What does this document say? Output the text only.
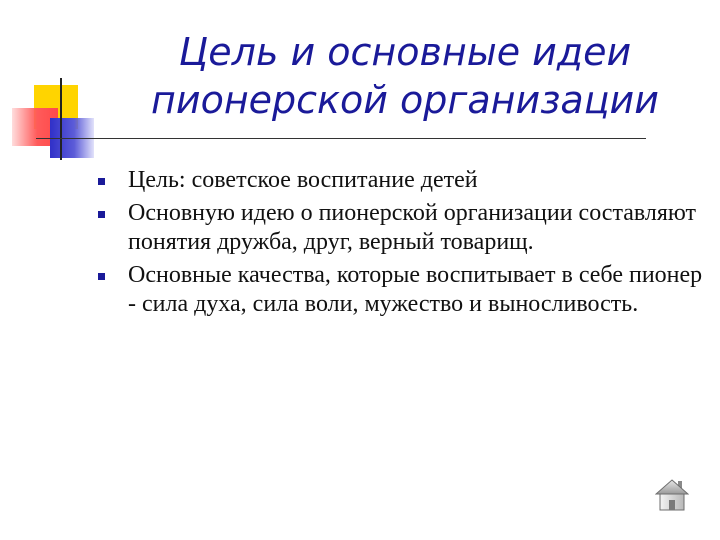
Цель и основные идеи
пионерской организации
Цель: советское воспитание детей
Основную идею о пионерской организации составляют понятия дружба, друг, верный товарищ.
Основные качества, которые воспитывает в себе пионер - сила духа, сила воли, мужество и выносливость.
